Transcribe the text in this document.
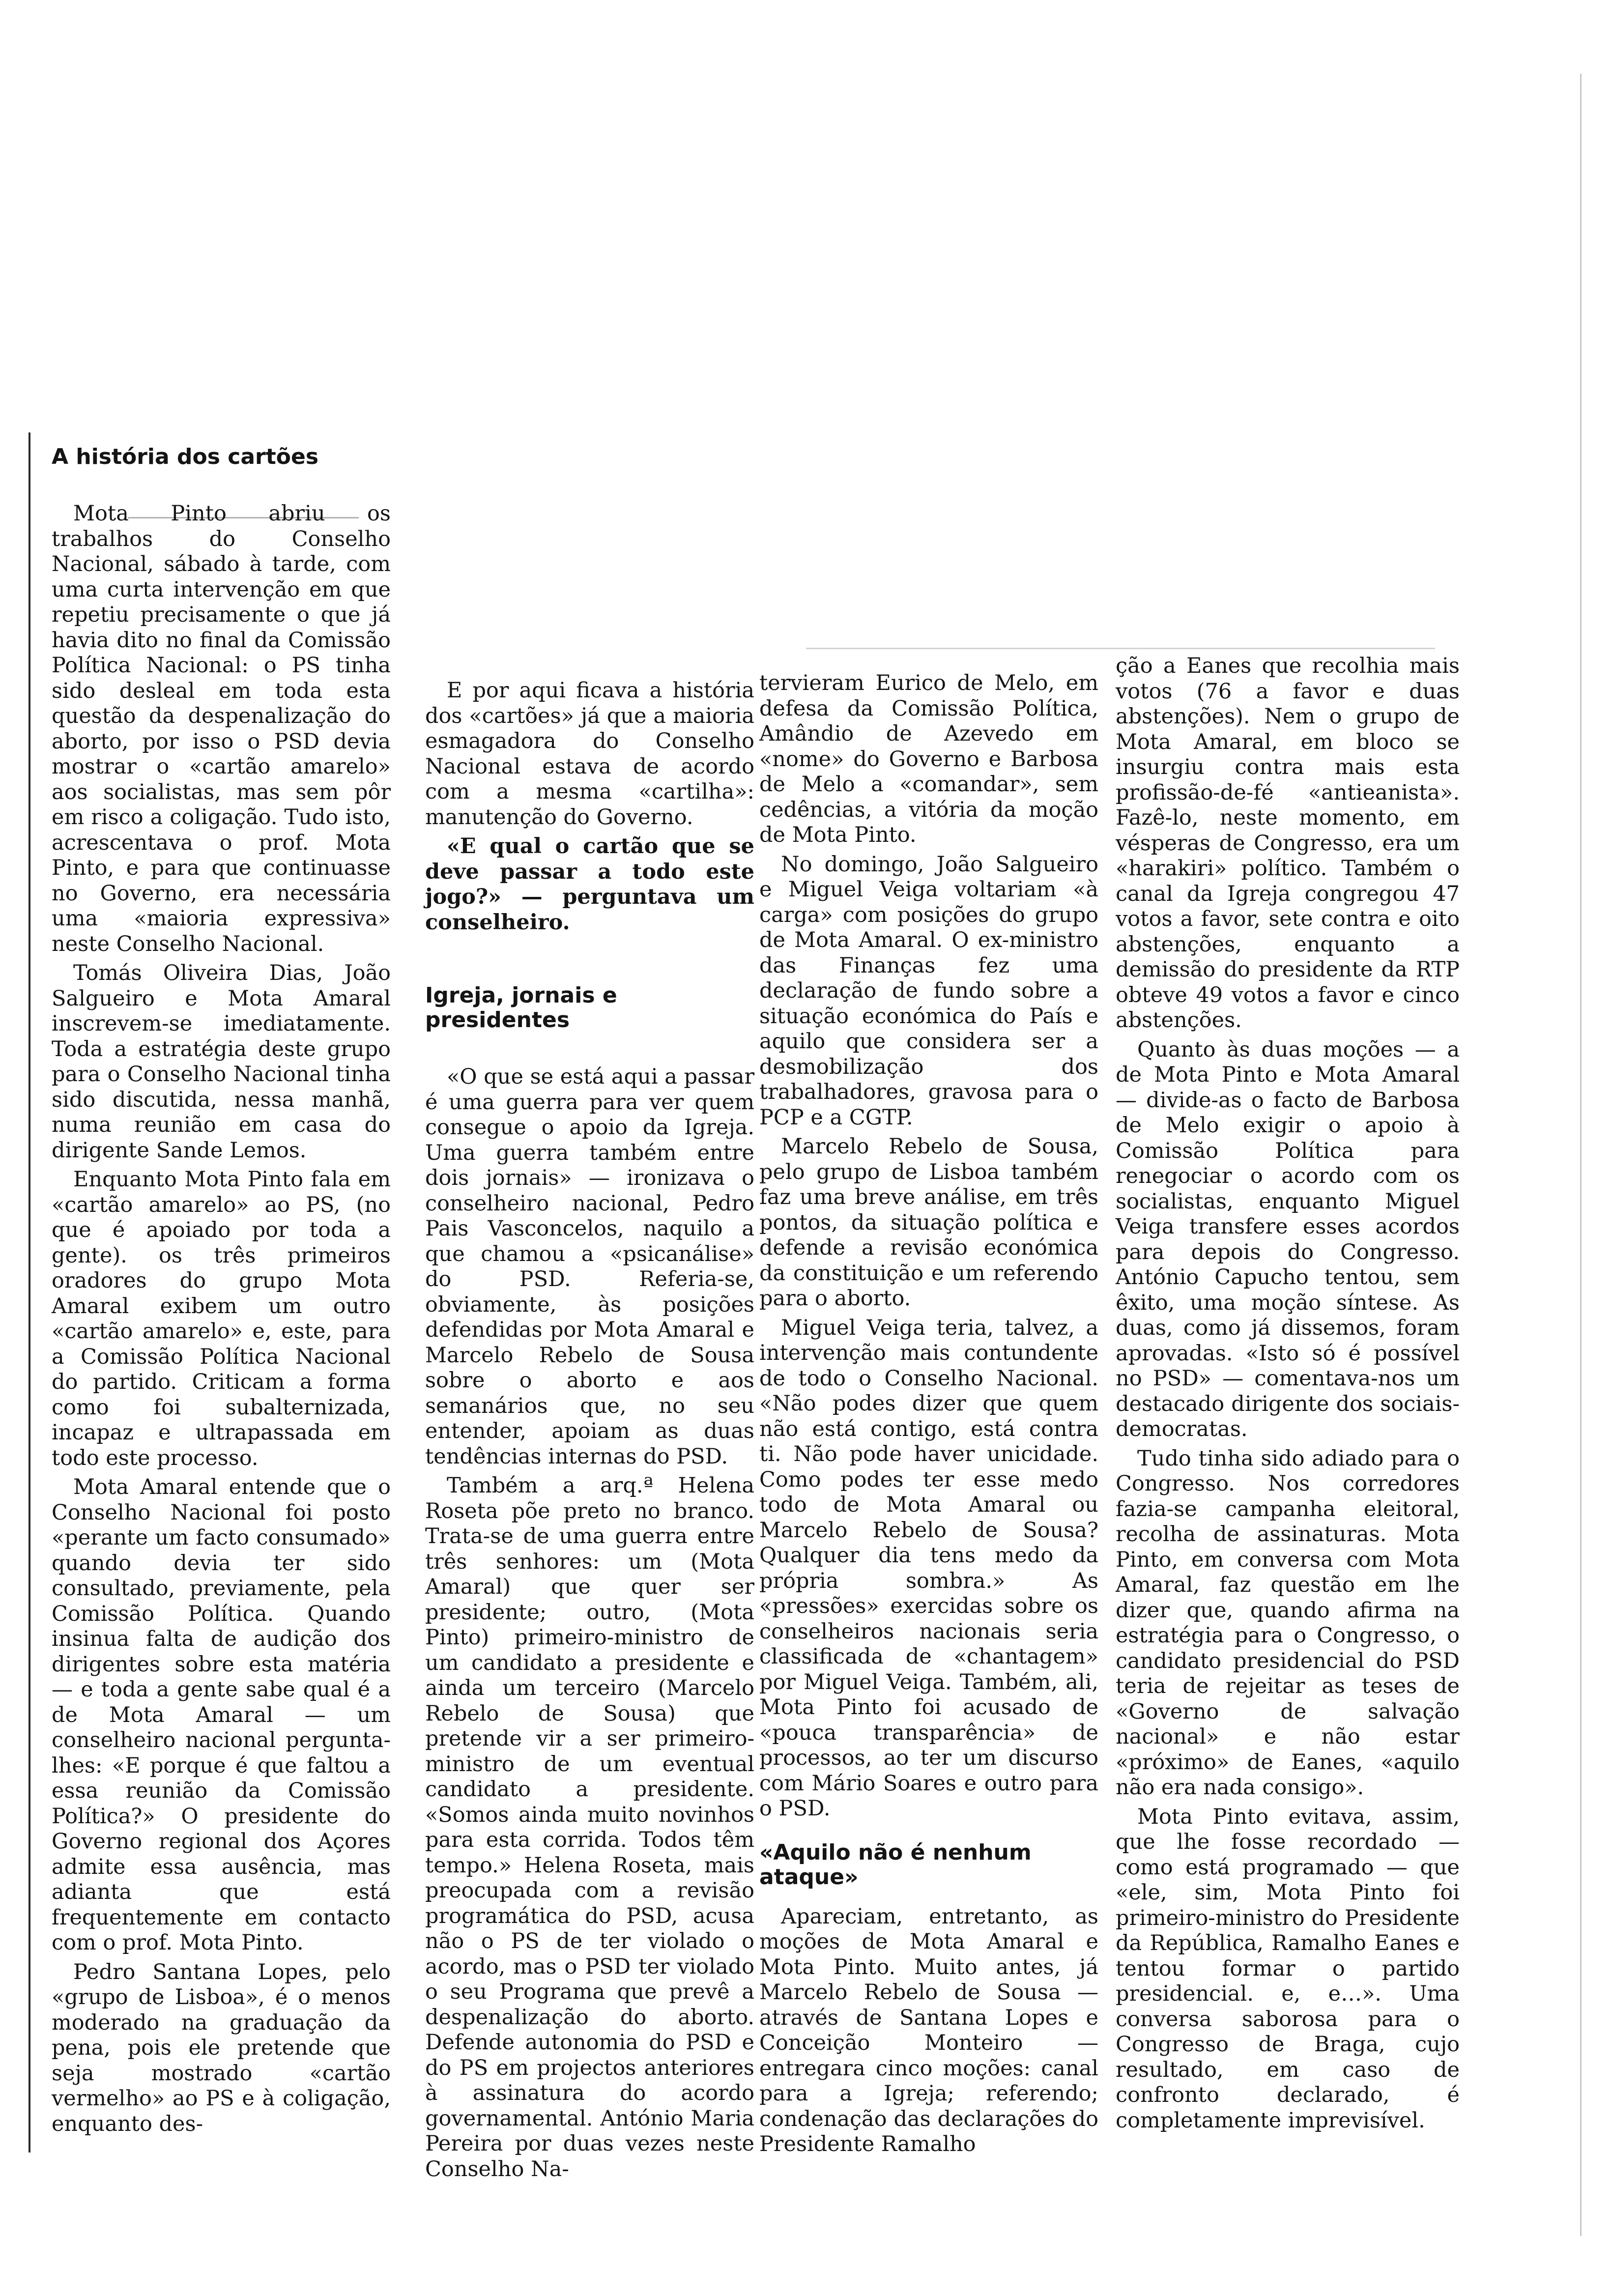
A história dos cartões

Mota Pinto abriu os trabalhos do Conselho Nacional, sábado à tarde, com uma curta intervenção em que repetiu precisamente o que já havia dito no final da Comissão Política Nacional: o PS tinha sido desleal em toda esta questão da despenalização do aborto, por isso o PSD devia mostrar o «cartão amarelo» aos socialistas, mas sem pôr em risco a coligação. Tudo isto, acrescentava o prof. Mota Pinto, e para que continuasse no Governo, era necessária uma «maioria expressiva» neste Conselho Nacional.

Tomás Oliveira Dias, João Salgueiro e Mota Amaral inscrevem-se imediatamente. Toda a estratégia deste grupo para o Conselho Nacional tinha sido discutida, nessa manhã, numa reunião em casa do dirigente Sande Lemos.

Enquanto Mota Pinto fala em «cartão amarelo» ao PS, (no que é apoiado por toda a gente). os três primeiros oradores do grupo Mota Amaral exibem um outro «cartão amarelo» e, este, para a Comissão Política Nacional do partido. Criticam a forma como foi subalternizada, incapaz e ultrapassada em todo este processo.

Mota Amaral entende que o Conselho Nacional foi posto «perante um facto consumado» quando devia ter sido consultado, previamente, pela Comissão Política. Quando insinua falta de audição dos dirigentes sobre esta matéria — e toda a gente sabe qual é a de Mota Amaral — um conselheiro nacional pergunta-lhes: «E porque é que faltou a essa reunião da Comissão Política?» O presidente do Governo regional dos Açores admite essa ausência, mas adianta que está frequentemente em contacto com o prof. Mota Pinto.

Pedro Santana Lopes, pelo «grupo de Lisboa», é o menos moderado na graduação da pena, pois ele pretende que seja mostrado «cartão vermelho» ao PS e à coligação, enquanto des-

E por aqui ficava a história dos «cartões» já que a maioria esmagadora do Conselho Nacional estava de acordo com a mesma «cartilha»: manutenção do Governo.

«E qual o cartão que se deve passar a todo este jogo?» — perguntava um conselheiro.

Igreja, jornais e presidentes

«O que se está aqui a passar é uma guerra para ver quem consegue o apoio da Igreja. Uma guerra também entre dois jornais» — ironizava o conselheiro nacional, Pedro Pais Vasconcelos, naquilo a que chamou a «psicanálise» do PSD. Referia-se, obviamente, às posições defendidas por Mota Amaral e Marcelo Rebelo de Sousa sobre o aborto e aos semanários que, no seu entender, apoiam as duas tendências internas do PSD.

Também a arq.ª Helena Roseta põe preto no branco. Trata-se de uma guerra entre três senhores: um (Mota Amaral) que quer ser presidente; outro, (Mota Pinto) primeiro-ministro de um candidato a presidente e ainda um terceiro (Marcelo Rebelo de Sousa) que pretende vir a ser primeiro-ministro de um eventual candidato a presidente. «Somos ainda muito novinhos para esta corrida. Todos têm tempo.» Helena Roseta, mais preocupada com a revisão programática do PSD, acusa não o PS de ter violado o acordo, mas o PSD ter violado o seu Programa que prevê a despenalização do aborto. Defende autonomia do PSD e do PS em projectos anteriores à assinatura do acordo governamental. António Maria Pereira por duas vezes neste Conselho Na-

tervieram Eurico de Melo, em defesa da Comissão Política, Amândio de Azevedo em «nome» do Governo e Barbosa de Melo a «comandar», sem cedências, a vitória da moção de Mota Pinto.

No domingo, João Salgueiro e Miguel Veiga voltariam «à carga» com posições do grupo de Mota Amaral. O ex-ministro das Finanças fez uma declaração de fundo sobre a situação económica do País e aquilo que considera ser a desmobilização dos trabalhadores, gravosa para o PCP e a CGTP.

Marcelo Rebelo de Sousa, pelo grupo de Lisboa também faz uma breve análise, em três pontos, da situação política e defende a revisão económica da constituição e um referendo para o aborto.

Miguel Veiga teria, talvez, a intervenção mais contundente de todo o Conselho Nacional. «Não podes dizer que quem não está contigo, está contra ti. Não pode haver unicidade. Como podes ter esse medo todo de Mota Amaral ou Marcelo Rebelo de Sousa? Qualquer dia tens medo da própria sombra.» As «pressões» exercidas sobre os conselheiros nacionais seria classificada de «chantagem» por Miguel Veiga. Também, ali, Mota Pinto foi acusado de «pouca transparência» de processos, ao ter um discurso com Mário Soares e outro para o PSD.

«Aquilo não é nenhum ataque»

Apareciam, entretanto, as moções de Mota Amaral e Mota Pinto. Muito antes, já Marcelo Rebelo de Sousa — através de Santana Lopes e Conceição Monteiro — entregara cinco moções: canal para a Igreja; referendo; condenação das declarações do Presidente Ramalho

ção a Eanes que recolhia mais votos (76 a favor e duas abstenções). Nem o grupo de Mota Amaral, em bloco se insurgiu contra mais esta profissão-de-fé «antieanista». Fazê-lo, neste momento, em vésperas de Congresso, era um «harakiri» político. Também o canal da Igreja congregou 47 votos a favor, sete contra e oito abstenções, enquanto a demissão do presidente da RTP obteve 49 votos a favor e cinco abstenções.

Quanto às duas moções — a de Mota Pinto e Mota Amaral — divide-as o facto de Barbosa de Melo exigir o apoio à Comissão Política para renegociar o acordo com os socialistas, enquanto Miguel Veiga transfere esses acordos para depois do Congresso. António Capucho tentou, sem êxito, uma moção síntese. As duas, como já dissemos, foram aprovadas. «Isto só é possível no PSD» — comentava-nos um destacado dirigente dos sociais-democratas.

Tudo tinha sido adiado para o Congresso. Nos corredores fazia-se campanha eleitoral, recolha de assinaturas. Mota Pinto, em conversa com Mota Amaral, faz questão em lhe dizer que, quando afirma na estratégia para o Congresso, o candidato presidencial do PSD teria de rejeitar as teses de «Governo de salvação nacional» e não estar «próximo» de Eanes, «aquilo não era nada consigo».

Mota Pinto evitava, assim, que lhe fosse recordado — como está programado — que «ele, sim, Mota Pinto foi primeiro-ministro do Presidente da República, Ramalho Eanes e tentou formar o partido presidencial. e, e…». Uma conversa saborosa para o Congresso de Braga, cujo resultado, em caso de confronto declarado, é completamente imprevisível.
